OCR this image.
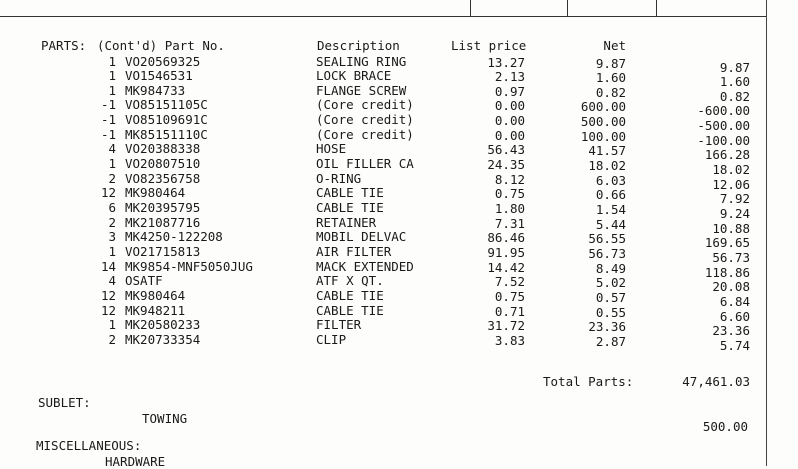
PARTS: (Cont'd) Part No.	Description	List price	Net
1 VO20569325	SEALING RING	13.27	9.87	9.87
1 VO1546531	LOCK BRACE	2.13	1.60	1.60
1 MK984733	FLANGE SCREW	0.97	0.82	0.82
-1 VO85151105C	(Core credit)	0.00	600.00	-600.00
-1 VO85109691C	(Core credit)	0.00	500.00	-500.00
-1 MK85151110C	(Core credit)	0.00	100.00	-100.00
4 VO20388338	HOSE	56.43	41.57	166.28
1 VO20807510	OIL FILLER CA	24.35	18.02	18.02
2 VO82356758	O-RING	8.12	6.03	12.06
12 MK980464	CABLE TIE	0.75	0.66	7.92
6 MK20395795	CABLE TIE	1.80	1.54	9.24
2 MK21087716	RETAINER	7.31	5.44	10.88
3 MK4250-122208	MOBIL DELVAC	86.46	56.55	169.65
1 VO21715813	AIR FILTER	91.95	56.73	56.73
14 MK9854-MNF5050JUG	MACK EXTENDED	14.42	8.49	118.86
4 OSATF	ATF X QT.	7.52	5.02	20.08
12 MK980464	CABLE TIE	0.75	0.57	6.84
12 MK948211	CABLE TIE	0.71	0.55	6.60
1 MK20580233	FILTER	31.72	23.36	23.36
2 MK20733354	CLIP	3.83	2.87	5.74
Total Parts:	47,461.03
SUBLET:
TOWING
500.00
MISCELLANEOUS:
HARDWARE
